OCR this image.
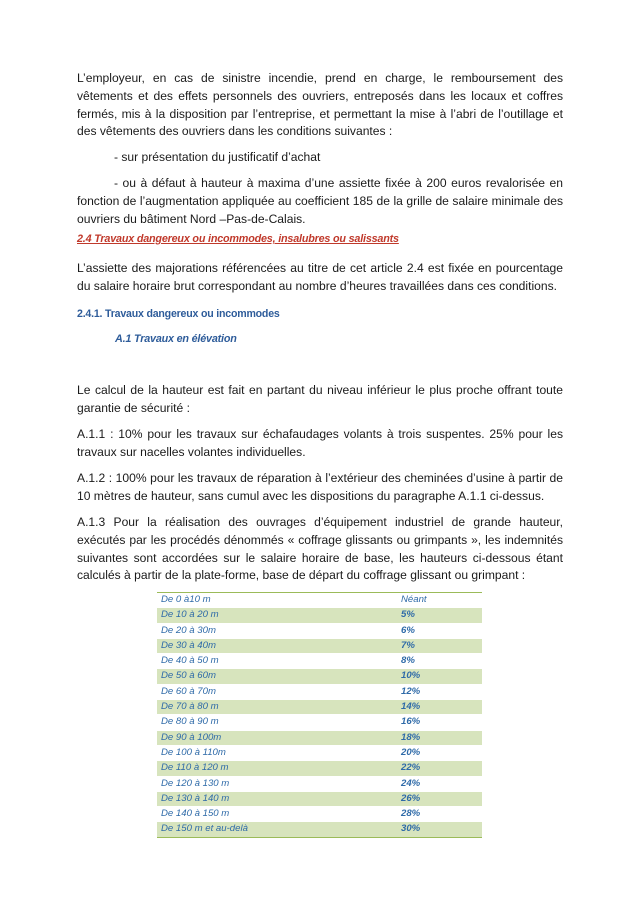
L’employeur, en cas de sinistre incendie, prend en charge, le remboursement des vêtements et des effets personnels des ouvriers, entreposés dans les locaux et coffres fermés, mis à la disposition par l’entreprise, et permettant la mise à l’abri de l’outillage et des vêtements des ouvriers dans les conditions suivantes :

- sur présentation du justificatif d’achat

- ou à défaut à hauteur à maxima d’une assiette fixée à 200 euros revalorisée en fonction de l’augmentation appliquée au coefficient 185 de la grille de salaire minimale des ouvriers du bâtiment Nord –Pas-de-Calais.

2.4 Travaux dangereux ou incommodes, insalubres ou salissants

L’assiette des majorations référencées au titre de cet article 2.4 est fixée en pourcentage du salaire horaire brut correspondant au nombre d’heures travaillées dans ces conditions.

2.4.1. Travaux dangereux ou incommodes

A.1 Travaux en élévation

Le calcul de la hauteur est fait en partant du niveau inférieur le plus proche offrant toute garantie de sécurité :

A.1.1 : 10% pour les travaux sur échafaudages volants à trois suspentes. 25% pour les travaux sur nacelles volantes individuelles.

A.1.2 : 100% pour les travaux de réparation à l’extérieur des cheminées d’usine à partir de 10 mètres de hauteur, sans cumul avec les dispositions du paragraphe A.1.1 ci-dessus.

A.1.3 Pour la réalisation des ouvrages d’équipement industriel de grande hauteur, exécutés par les procédés dénommés « coffrage glissants ou grimpants », les indemnités suivantes sont accordées sur le salaire horaire de base, les hauteurs ci-dessous étant calculés à partir de la plate-forme, base de départ du coffrage glissant ou grimpant :

De 0 à10 m	Néant
De 10 à 20 m	5%
De 20 à 30m	6%
De 30 à 40m	7%
De 40 à 50 m	8%
De 50 à 60m	10%
De 60 à 70m	12%
De 70 à 80 m	14%
De 80 à 90 m	16%
De 90 à 100m	18%
De 100 à 110m	20%
De 110 à 120 m	22%
De 120 à 130 m	24%
De 130 à 140 m	26%
De 140 à 150 m	28%
De 150 m et au-delà	30%
